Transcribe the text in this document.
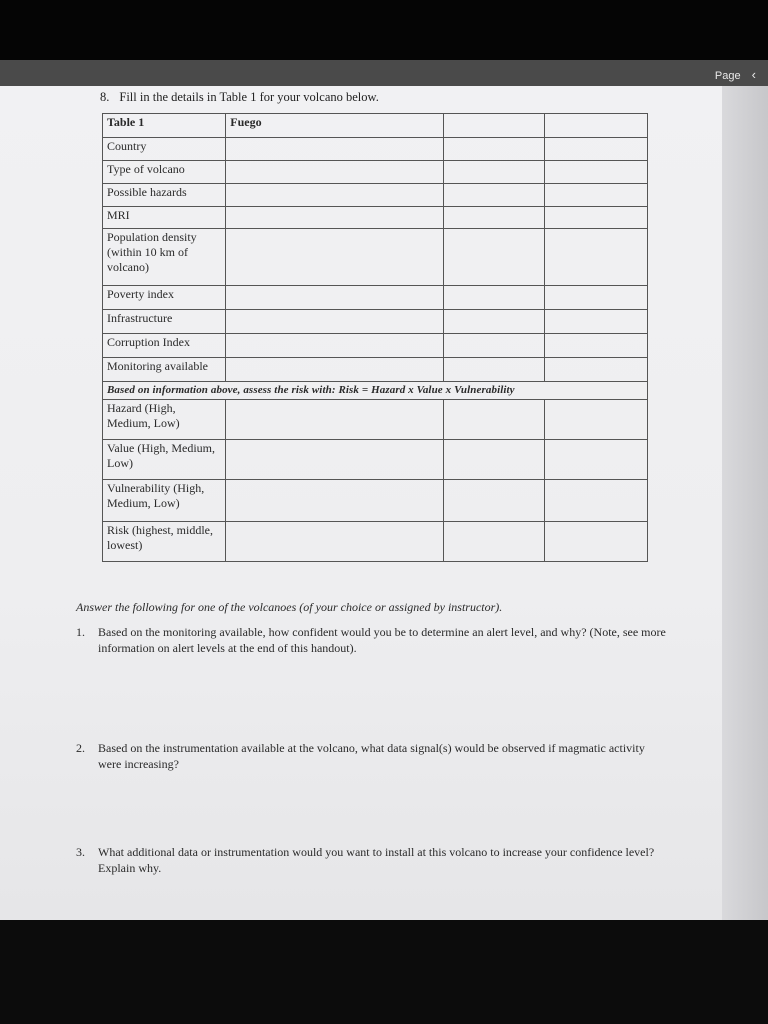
Page ‹
8. Fill in the details in Table 1 for your volcano below.
Table 1	Fuego		
Country			
Type of volcano			
Possible hazards			
MRI			
Population density (within 10 km of volcano)			
Poverty index			
Infrastructure			
Corruption Index			
Monitoring available			
Based on information above, assess the risk with: Risk = Hazard x Value x Vulnerability			
Hazard (High, Medium, Low)			
Value (High, Medium, Low)			
Vulnerability (High, Medium, Low)			
Risk (highest, middle, lowest)			
Answer the following for one of the volcanoes (of your choice or assigned by instructor).
1. Based on the monitoring available, how confident would you be to determine an alert level, and why? (Note, see more information on alert levels at the end of this handout).
2. Based on the instrumentation available at the volcano, what data signal(s) would be observed if magmatic activity were increasing?
3. What additional data or instrumentation would you want to install at this volcano to increase your confidence level? Explain why.
